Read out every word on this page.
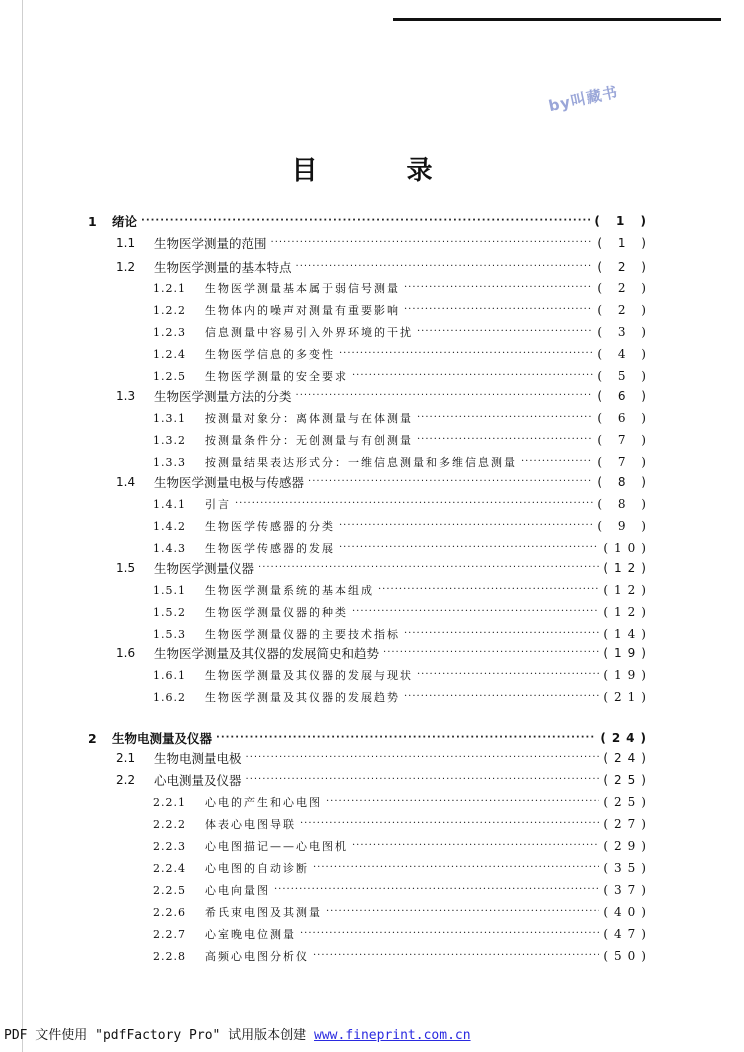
by叫藏书
目 录
1	绪论 ·····	( 1 )
1.1	生物医学测量的范围 ·····	( 1 )
1.2	生物医学测量的基本特点 ·····	( 2 )
1.2.1	生物医学测量基本属于弱信号测量 ·····	( 2 )
1.2.2	生物体内的噪声对测量有重要影响 ·····	( 2 )
1.2.3	信息测量中容易引入外界环境的干扰 ·····	( 3 )
1.2.4	生物医学信息的多变性 ·····	( 4 )
1.2.5	生物医学测量的安全要求 ·····	( 5 )
1.3	生物医学测量方法的分类 ·····	( 6 )
1.3.1	按测量对象分：离体测量与在体测量 ·····	( 6 )
1.3.2	按测量条件分：无创测量与有创测量 ·····	( 7 )
1.3.3	按测量结果表达形式分：一维信息测量和多维信息测量 ·····	( 7 )
1.4	生物医学测量电极与传感器 ·····	( 8 )
1.4.1	引言 ·····	( 8 )
1.4.2	生物医学传感器的分类 ·····	( 9 )
1.4.3	生物医学传感器的发展 ·····	(10)
1.5	生物医学测量仪器 ·····	(12)
1.5.1	生物医学测量系统的基本组成 ·····	(12)
1.5.2	生物医学测量仪器的种类 ·····	(12)
1.5.3	生物医学测量仪器的主要技术指标 ·····	(14)
1.6	生物医学测量及其仪器的发展简史和趋势 ·····	(19)
1.6.1	生物医学测量及其仪器的发展与现状 ·····	(19)
1.6.2	生物医学测量及其仪器的发展趋势 ·····	(21)
2	生物电测量及仪器 ·····	(24)
2.1	生物电测量电极 ·····	(24)
2.2	心电测量及仪器 ·····	(25)
2.2.1	心电的产生和心电图 ·····	(25)
2.2.2	体表心电图导联 ·····	(27)
2.2.3	心电图描记——心电图机 ·····	(29)
2.2.4	心电图的自动诊断 ·····	(35)
2.2.5	心电向量图 ·····	(37)
2.2.6	希氏束电图及其测量 ·····	(40)
2.2.7	心室晚电位测量 ·····	(47)
2.2.8	高频心电图分析仪 ·····	(50)
PDF 文件使用 "pdfFactory Pro" 试用版本创建 www.fineprint.com.cn
